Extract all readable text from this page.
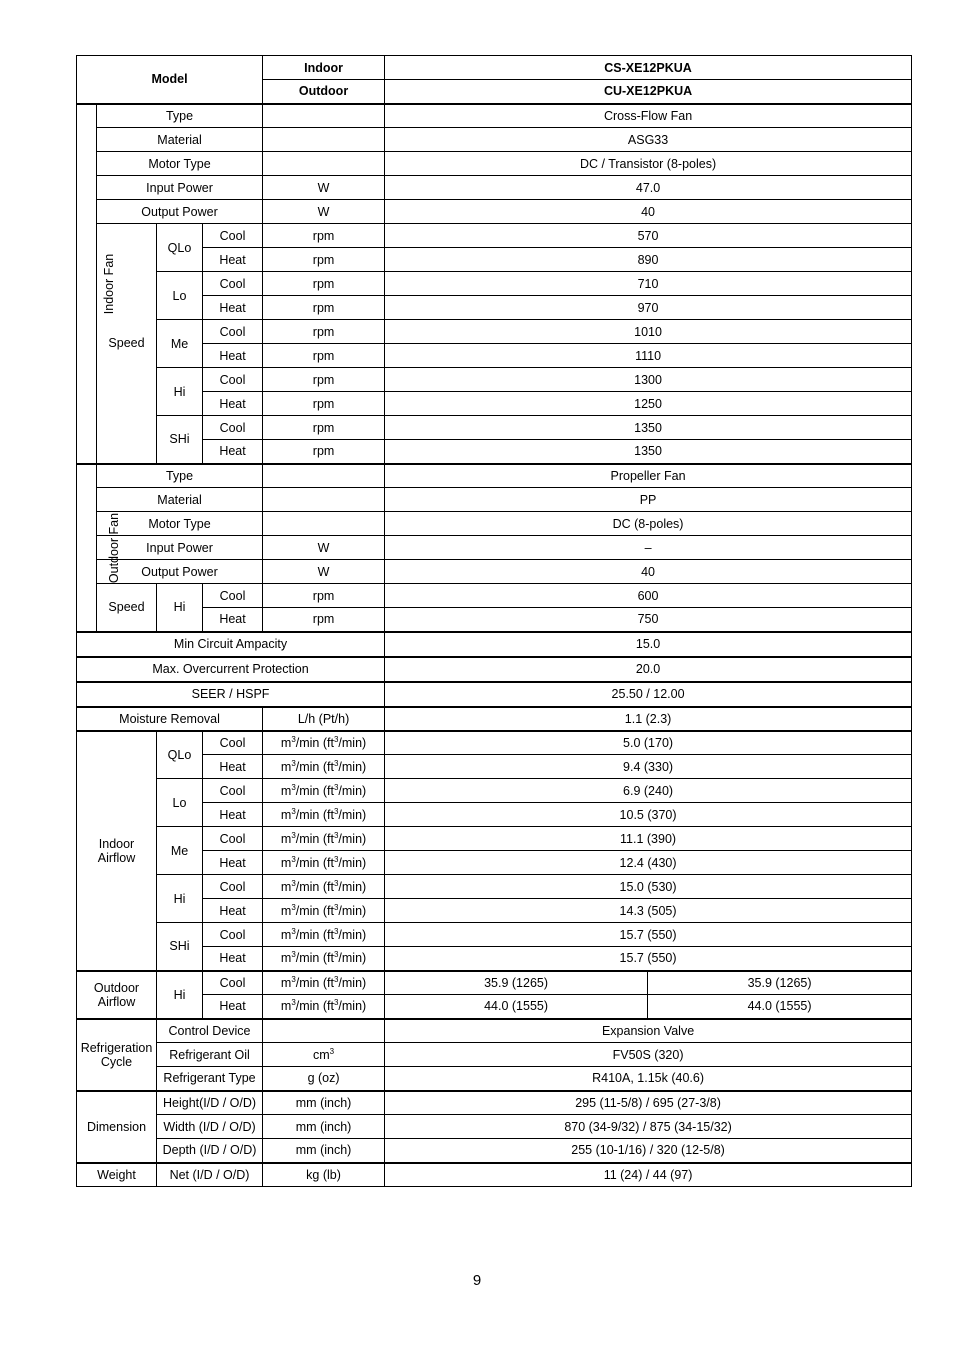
Model				Indoor	CS-XE12PKUA	
				Outdoor	CU-XE12PKUA	
Indoor Fan	Type				Cross-Flow Fan	
	Material				ASG33	
	Motor Type				DC / Transistor (8-poles)	
	Input Power			W	47.0	
	Output Power			W	40	
	Speed	QLo	Cool	rpm	570	
			Heat	rpm	890	
		Lo	Cool	rpm	710	
			Heat	rpm	970	
		Me	Cool	rpm	1010	
			Heat	rpm	1110	
		Hi	Cool	rpm	1300	
			Heat	rpm	1250	
		SHi	Cool	rpm	1350	
			Heat	rpm	1350	
Outdoor Fan	Type				Propeller Fan	
	Material				PP	
	Motor Type				DC (8-poles)	
	Input Power			W	–	
	Output Power			W	40	
	Speed	Hi	Cool	rpm	600	
			Heat	rpm	750	
Min Circuit Ampacity					15.0	
Max. Overcurrent Protection					20.0	
SEER / HSPF					25.50 / 12.00	
Moisture Removal				L/h (Pt/h)	1.1 (2.3)	
Indoor
Airflow		QLo	Cool	$m^3/\min$ $(ft^3/\min)$	5.0 (170)	
			Heat	$m^3/\min$ $(ft^3/\min)$	9.4 (330)	
		Lo	Cool	$m^3/\min$ $(ft^3/\min)$	6.9 (240)	
			Heat	$m^3/\min$ $(ft^3/\min)$	10.5 (370)	
		Me	Cool	$m^3/\min$ $(ft^3/\min)$	11.1 (390)	
			Heat	$m^3/\min$ $(ft^3/\min)$	12.4 (430)	
		Hi	Cool	$m^3/\min$ $(ft^3/\min)$	15.0 (530)	
			Heat	$m^3/\min$ $(ft^3/\min)$	14.3 (505)	
		SHi	Cool	$m^3/\min$ $(ft^3/\min)$	15.7 (550)	
			Heat	$m^3/\min$ $(ft^3/\min)$	15.7 (550)	
Outdoor
Airflow		Hi	Cool	$m^3/\min$ $(ft^3/\min)$	35.9 (1265)	35.9 (1265)
			Heat	$m^3/\min$ $(ft^3/\min)$	44.0 (1555)	44.0 (1555)
Refrigeration
Cycle		Control Device			Expansion Valve	
		Refrigerant Oil		$cm^3$	FV50S (320)	
		Refrigerant Type		g (oz)	R410A, 1.15k (40.6)	
Dimension		Height(I/D / O/D)		mm (inch)	295 (11-5/8) / 695 (27-3/8)	
		Width (I/D / O/D)		mm (inch)	870 (34-9/32) / 875 (34-15/32)	
		Depth (I/D / O/D)		mm (inch)	255 (10-1/16) / 320 (12-5/8)	
Weight		Net (I/D / O/D)		kg (lb)	11 (24) / 44 (97)	
9
